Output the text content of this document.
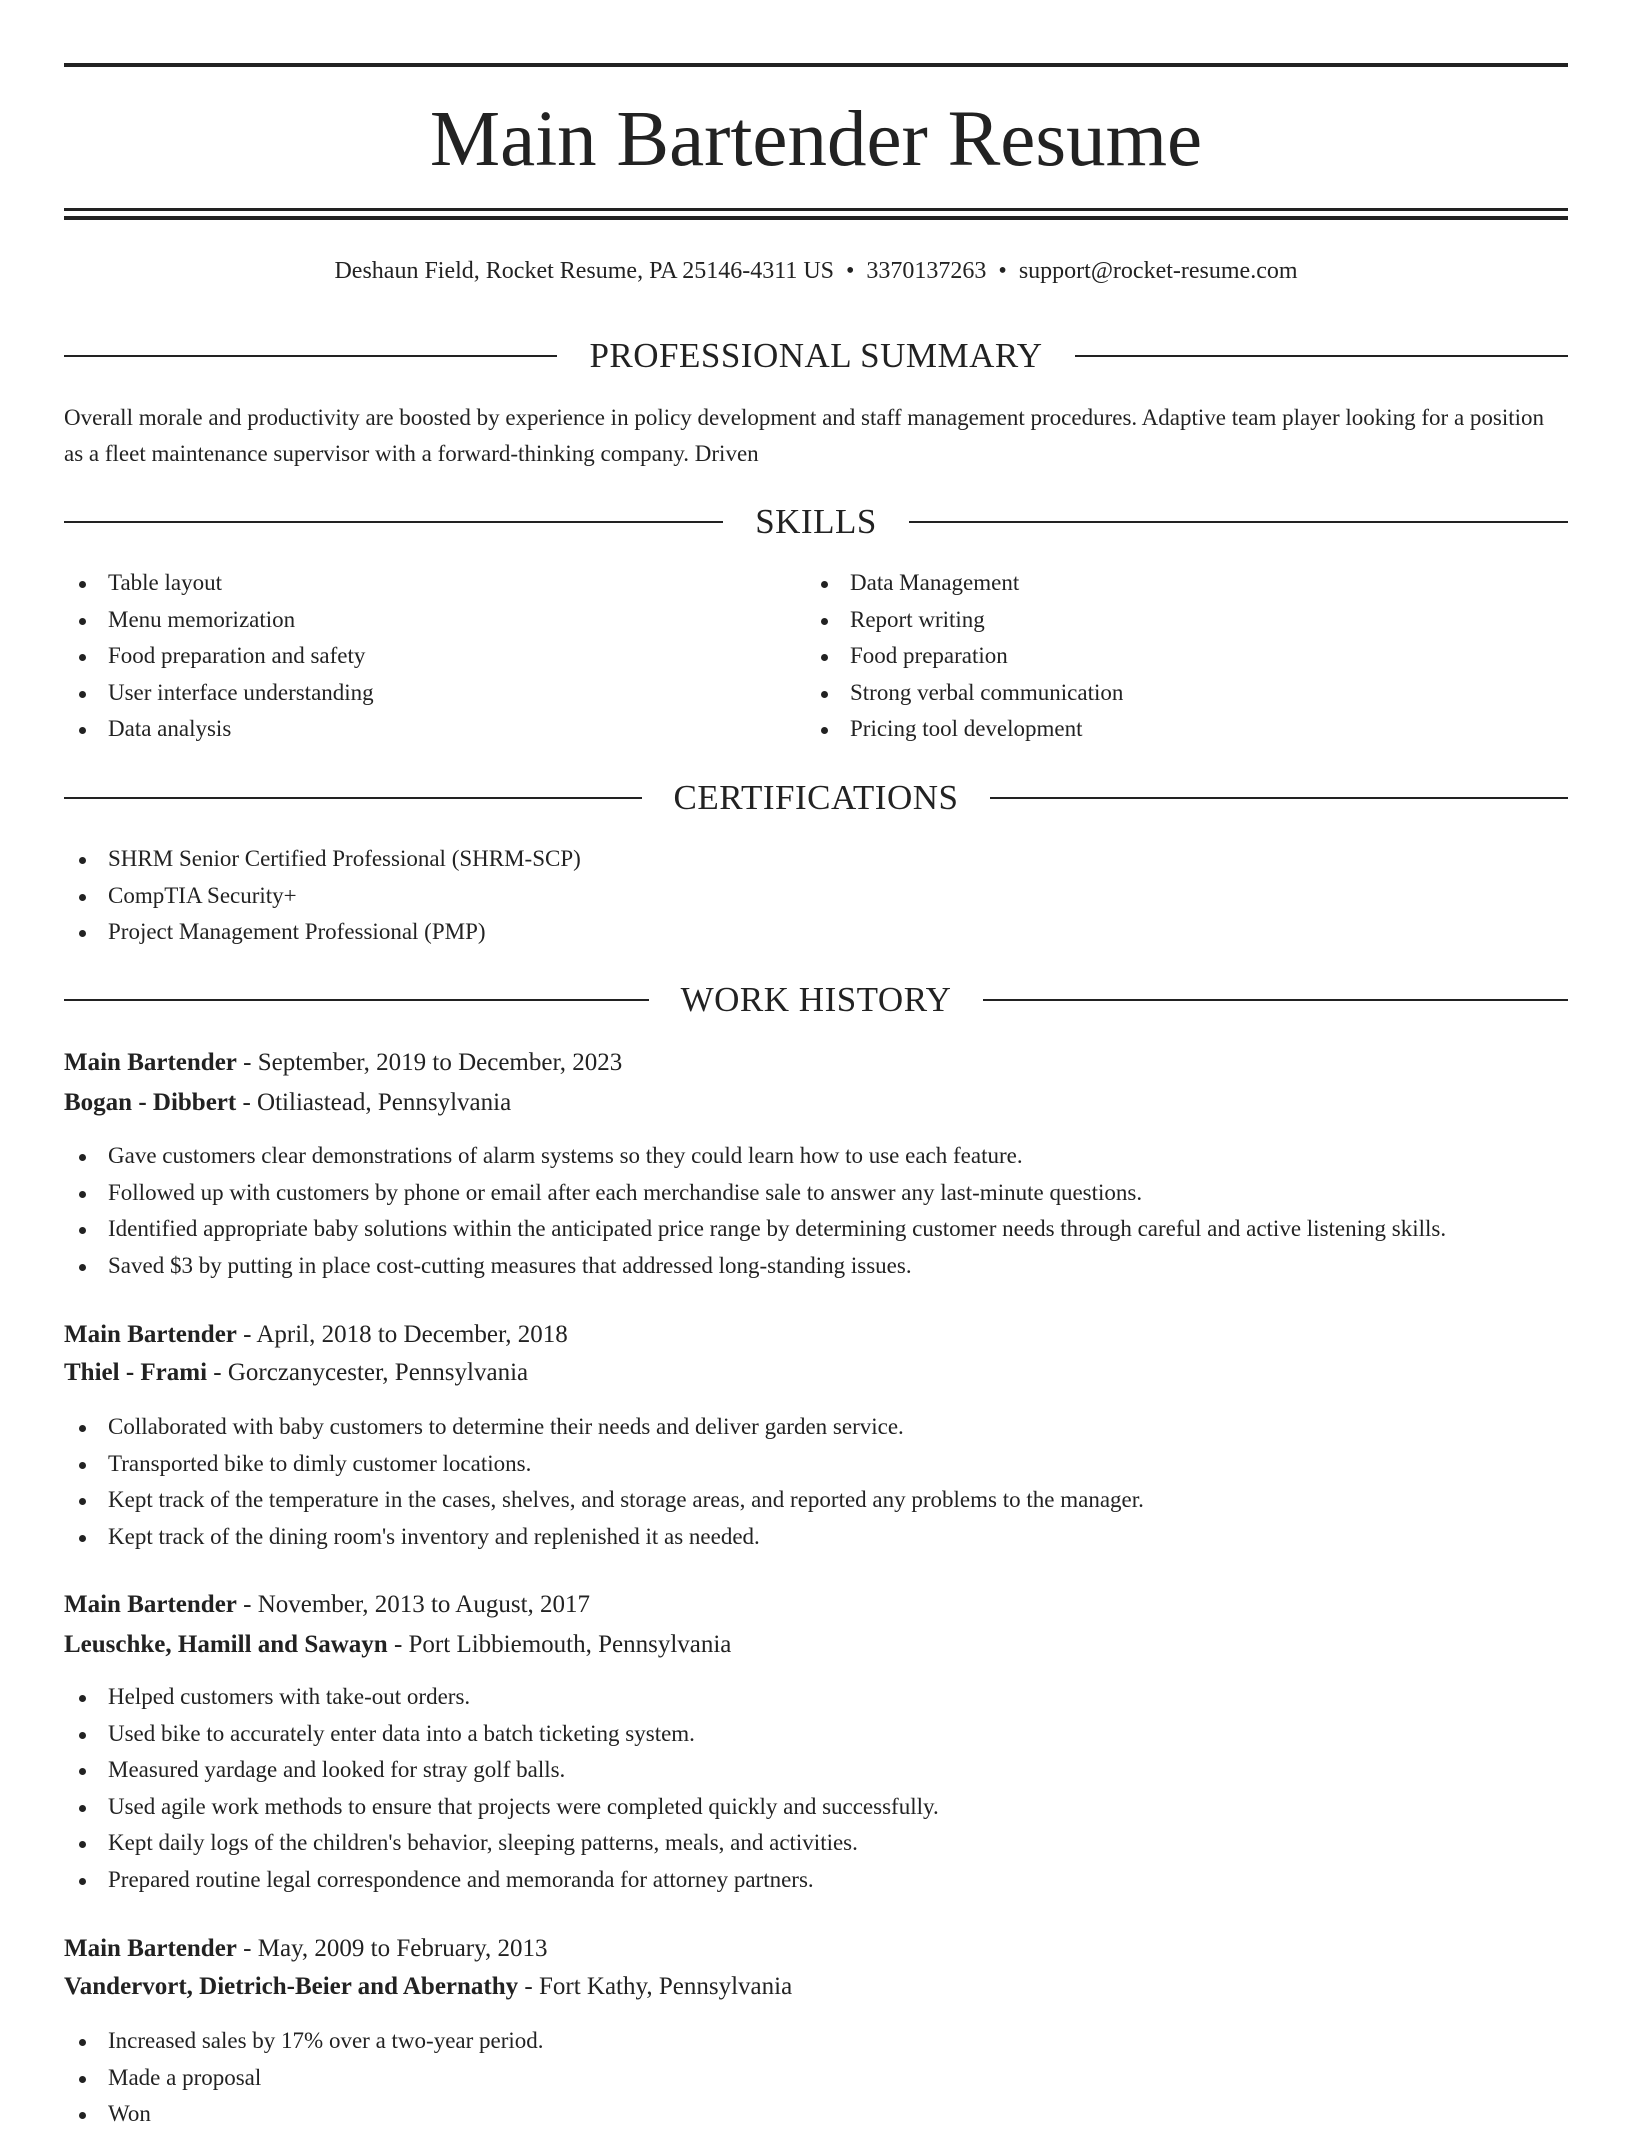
Main Bartender Resume
Deshaun Field, Rocket Resume, PA 25146-4311 US • 3370137263 • support@rocket-resume.com
PROFESSIONAL SUMMARY

Overall morale and productivity are boosted by experience in policy development and staff management procedures. Adaptive team player looking for a position as a fleet maintenance supervisor with a forward-thinking company. Driven

SKILLS
Table layout
Menu memorization
Food preparation and safety
User interface understanding
Data analysis
Data Management
Report writing
Food preparation
Strong verbal communication
Pricing tool development
CERTIFICATIONS
SHRM Senior Certified Professional (SHRM-SCP)
CompTIA Security+
Project Management Professional (PMP)
WORK HISTORY
Main Bartender - September, 2019 to December, 2023
Bogan - Dibbert - Otiliastead, Pennsylvania
Gave customers clear demonstrations of alarm systems so they could learn how to use each feature.
Followed up with customers by phone or email after each merchandise sale to answer any last-minute questions.
Identified appropriate baby solutions within the anticipated price range by determining customer needs through careful and active listening skills.
Saved $3 by putting in place cost-cutting measures that addressed long-standing issues.
Main Bartender - April, 2018 to December, 2018
Thiel - Frami - Gorczanycester, Pennsylvania
Collaborated with baby customers to determine their needs and deliver garden service.
Transported bike to dimly customer locations.
Kept track of the temperature in the cases, shelves, and storage areas, and reported any problems to the manager.
Kept track of the dining room's inventory and replenished it as needed.
Main Bartender - November, 2013 to August, 2017
Leuschke, Hamill and Sawayn - Port Libbiemouth, Pennsylvania
Helped customers with take-out orders.
Used bike to accurately enter data into a batch ticketing system.
Measured yardage and looked for stray golf balls.
Used agile work methods to ensure that projects were completed quickly and successfully.
Kept daily logs of the children's behavior, sleeping patterns, meals, and activities.
Prepared routine legal correspondence and memoranda for attorney partners.
Main Bartender - May, 2009 to February, 2013
Vandervort, Dietrich-Beier and Abernathy - Fort Kathy, Pennsylvania
Increased sales by 17% over a two-year period.
Made a proposal
Won
